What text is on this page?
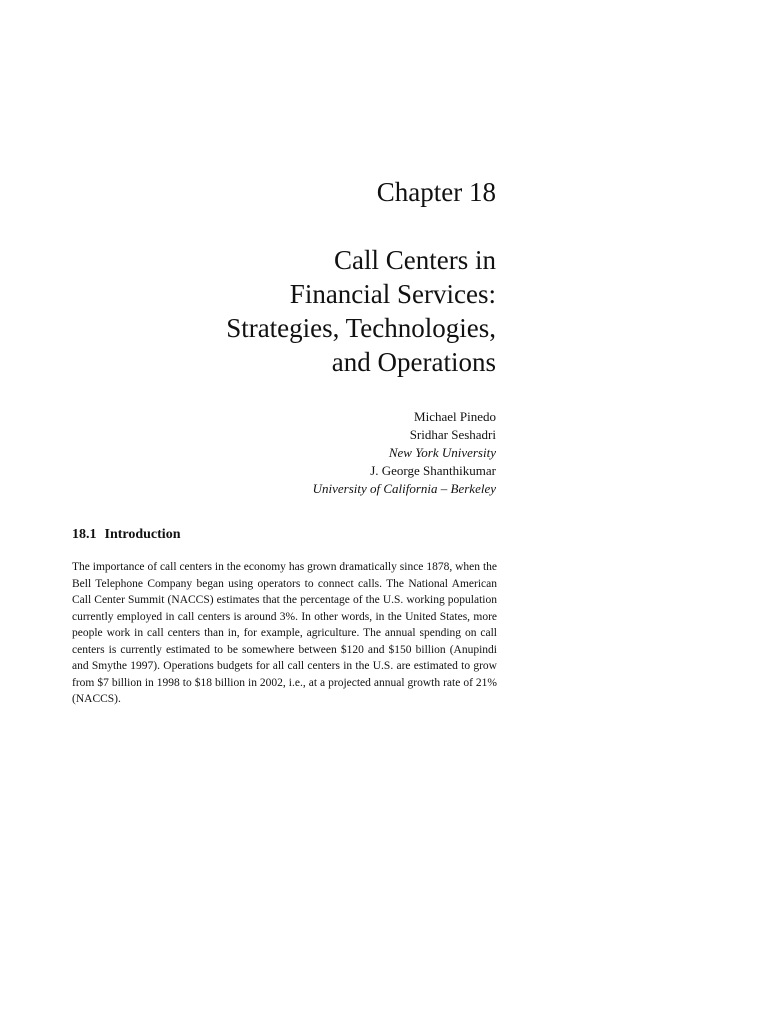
Chapter 18
Call Centers in
Financial Services:
Strategies, Technologies,
and Operations
Michael Pinedo
Sridhar Seshadri
New York University
J. George Shanthikumar
University of California – Berkeley
18.1 Introduction

The importance of call centers in the economy has grown dramatically since 1878, when the Bell Telephone Company began using operators to connect calls. The National American Call Center Summit (NACCS) estimates that the percentage of the U.S. working population currently employed in call centers is around 3%. In other words, in the United States, more people work in call centers than in, for example, agriculture. The annual spending on call centers is currently estimated to be somewhere between $120 and $150 billion (Anupindi and Smythe 1997). Operations budgets for all call centers in the U.S. are estimated to grow from $7 billion in 1998 to $18 billion in 2002, i.e., at a projected annual growth rate of 21% (NACCS).
